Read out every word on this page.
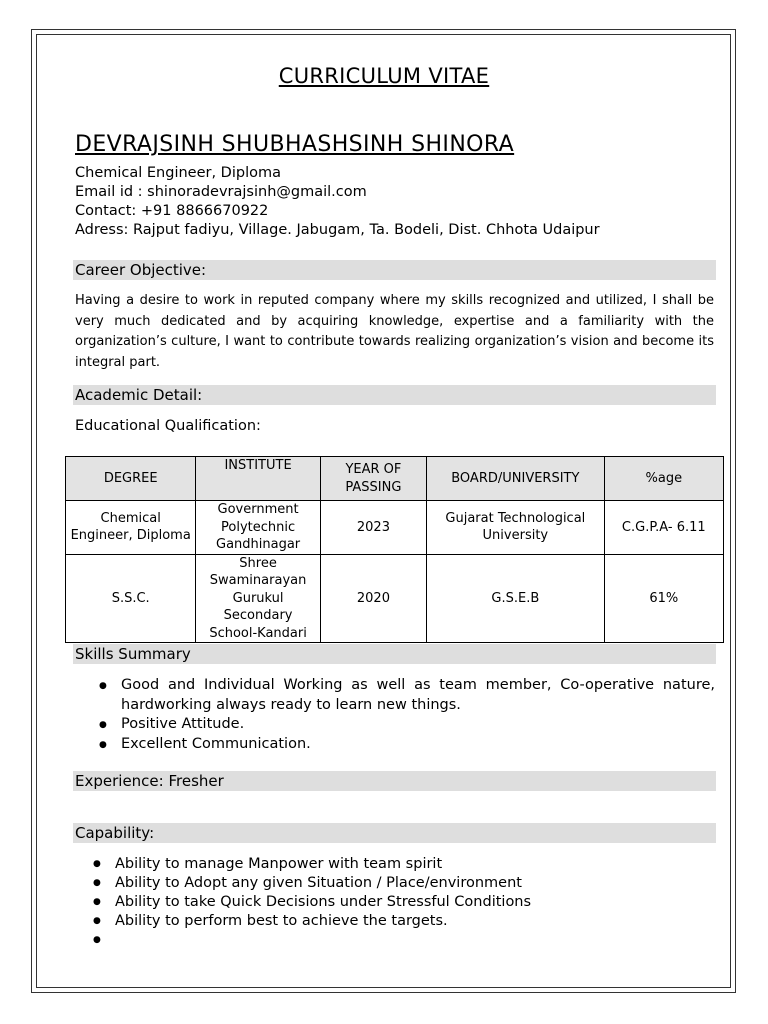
CURRICULUM VITAE
DEVRAJSINH SHUBHASHSINH SHINORA
Chemical Engineer, Diploma
Email id : shinoradevrajsinh@gmail.com
Contact: +91 8866670922
Adress: Rajput fadiyu, Village. Jabugam, Ta. Bodeli, Dist. Chhota Udaipur
Career Objective:
Having a desire to work in reputed company where my skills recognized and utilized, I shall be very much dedicated and by acquiring knowledge, expertise and a familiarity with the organization’s culture, I want to contribute towards realizing organization’s vision and become its integral part.
Academic Detail:
Educational Qualification:
DEGREE	INSTITUTE	YEAR OF PASSING	BOARD/UNIVERSITY	%age
Chemical Engineer, Diploma	Government Polytechnic Gandhinagar	2023	Gujarat Technological University	C.G.P.A- 6.11
S.S.C.	Shree Swaminarayan Gurukul Secondary School-Kandari	2020	G.S.E.B	61%
Skills Summary
● Good and Individual Working as well as team member, Co-operative nature, hardworking always ready to learn new things.
● Positive Attitude.
● Excellent Communication.
Experience: Fresher
Capability:
● Ability to manage Manpower with team spirit
● Ability to Adopt any given Situation / Place/environment
● Ability to take Quick Decisions under Stressful Conditions
● Ability to perform best to achieve the targets.
●
